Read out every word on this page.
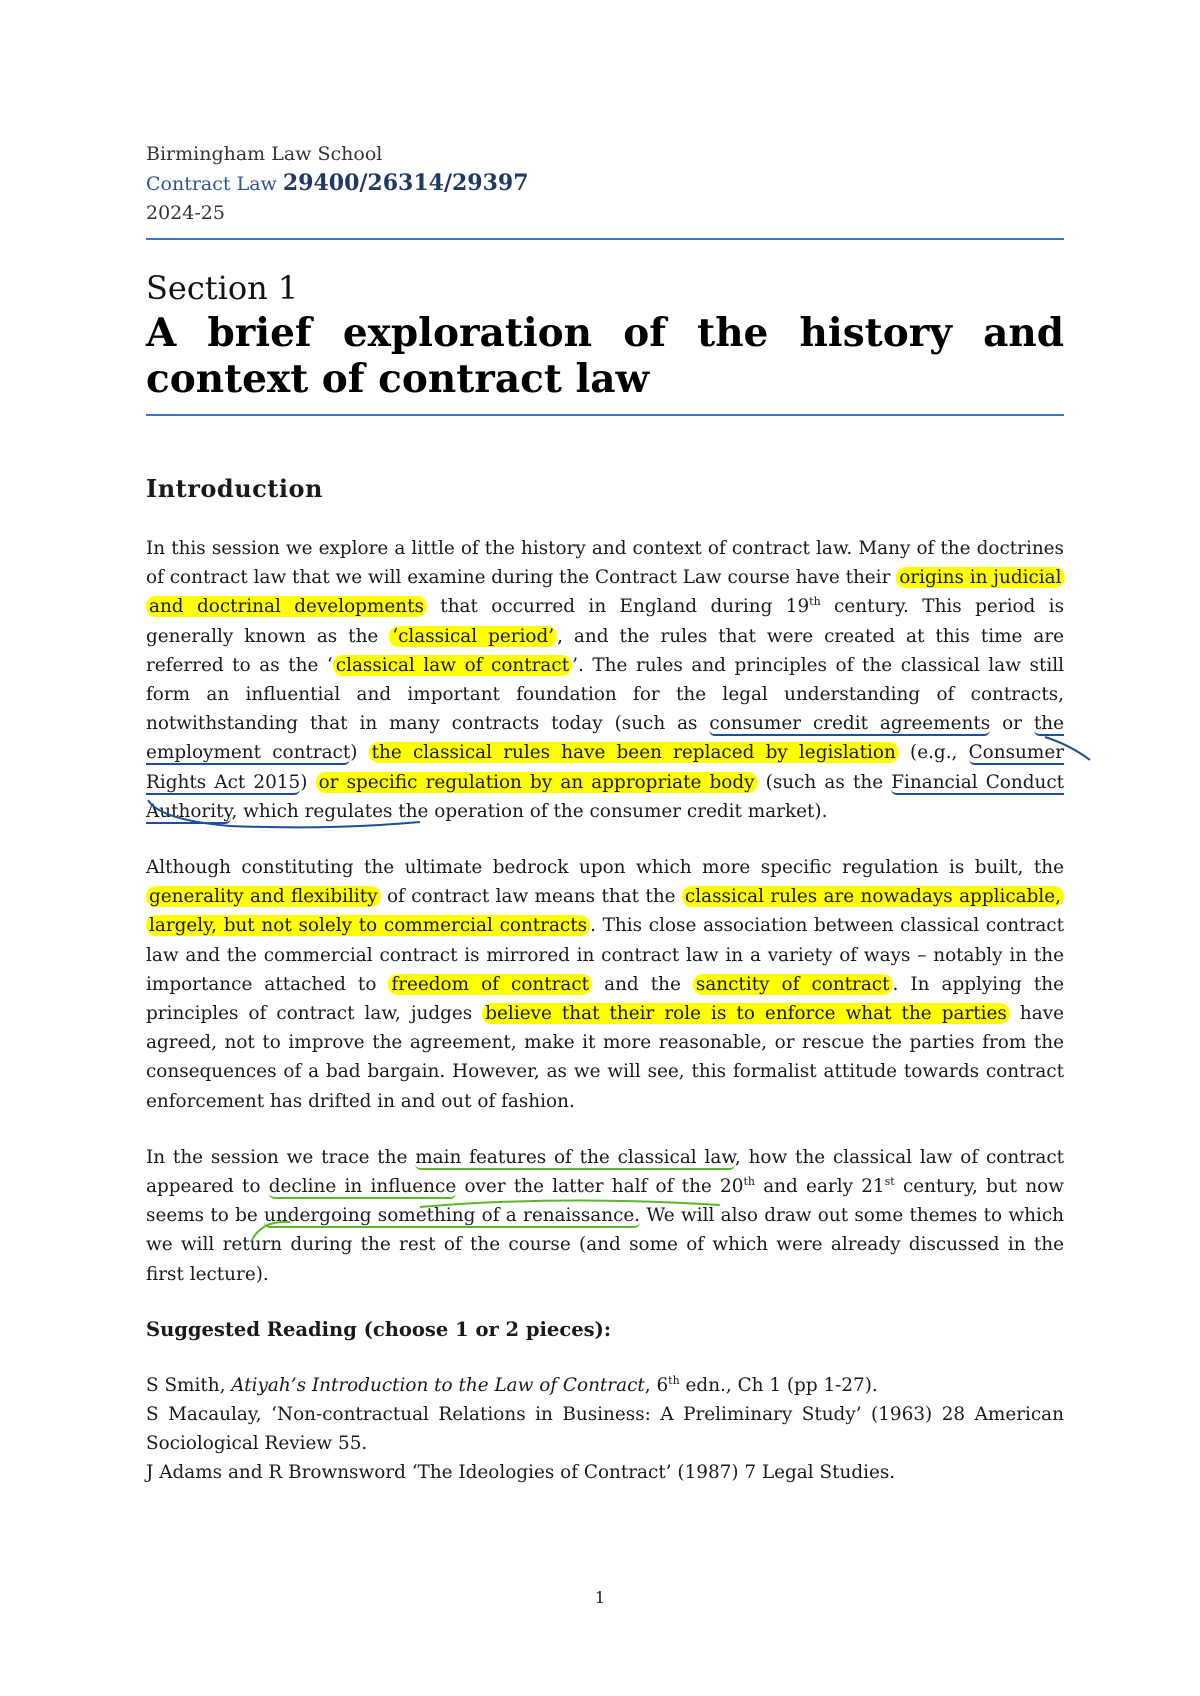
Birmingham Law School
Contract Law 29400/26314/29397
2024-25
Section 1
A brief exploration of the history and context of contract law
Introduction

In this session we explore a little of the history and context of contract law. Many of the doctrines of contract law that we will examine during the Contract Law course have their origins in judicial and doctrinal developments that occurred in England during 19th century. This period is generally known as the ‘classical period’ , and the rules that were created at this time are referred to as the ‘ classical law of contract ’. The rules and principles of the classical law still form an influential and important foundation for the legal understanding of contracts, notwithstanding that in many contracts today (such as consumer credit agreements or the employment contract) the classical rules have been replaced by legislation (e.g., Consumer Rights Act 2015) or specific regulation by an appropriate body (such as the Financial Conduct Authority, which regulates the operation of the consumer credit market).

Although constituting the ultimate bedrock upon which more specific regulation is built, the generality and flexibility of contract law means that the classical rules are nowadays applicable, largely, but not solely to commercial contracts . This close association between classical contract law and the commercial contract is mirrored in contract law in a variety of ways – notably in the importance attached to freedom of contract and the sanctity of contract . In applying the principles of contract law, judges believe that their role is to enforce what the parties have agreed, not to improve the agreement, make it more reasonable, or rescue the parties from the consequences of a bad bargain. However, as we will see, this formalist attitude towards contract enforcement has drifted in and out of fashion.

In the session we trace the main features of the classical law, how the classical law of contract appeared to decline in influence over the latter half of the 20th and early 21st century, but now seems to be undergoing something of a renaissance. We will also draw out some themes to which we will return during the rest of the course (and some of which were already discussed in the first lecture).

Suggested Reading (choose 1 or 2 pieces):

S Smith, Atiyah’s Introduction to the Law of Contract, 6th edn., Ch 1 (pp 1-27).

S Macaulay, ‘Non-contractual Relations in Business: A Preliminary Study’ (1963) 28 American Sociological Review 55.

J Adams and R Brownsword ‘The Ideologies of Contract’ (1987) 7 Legal Studies.

1
